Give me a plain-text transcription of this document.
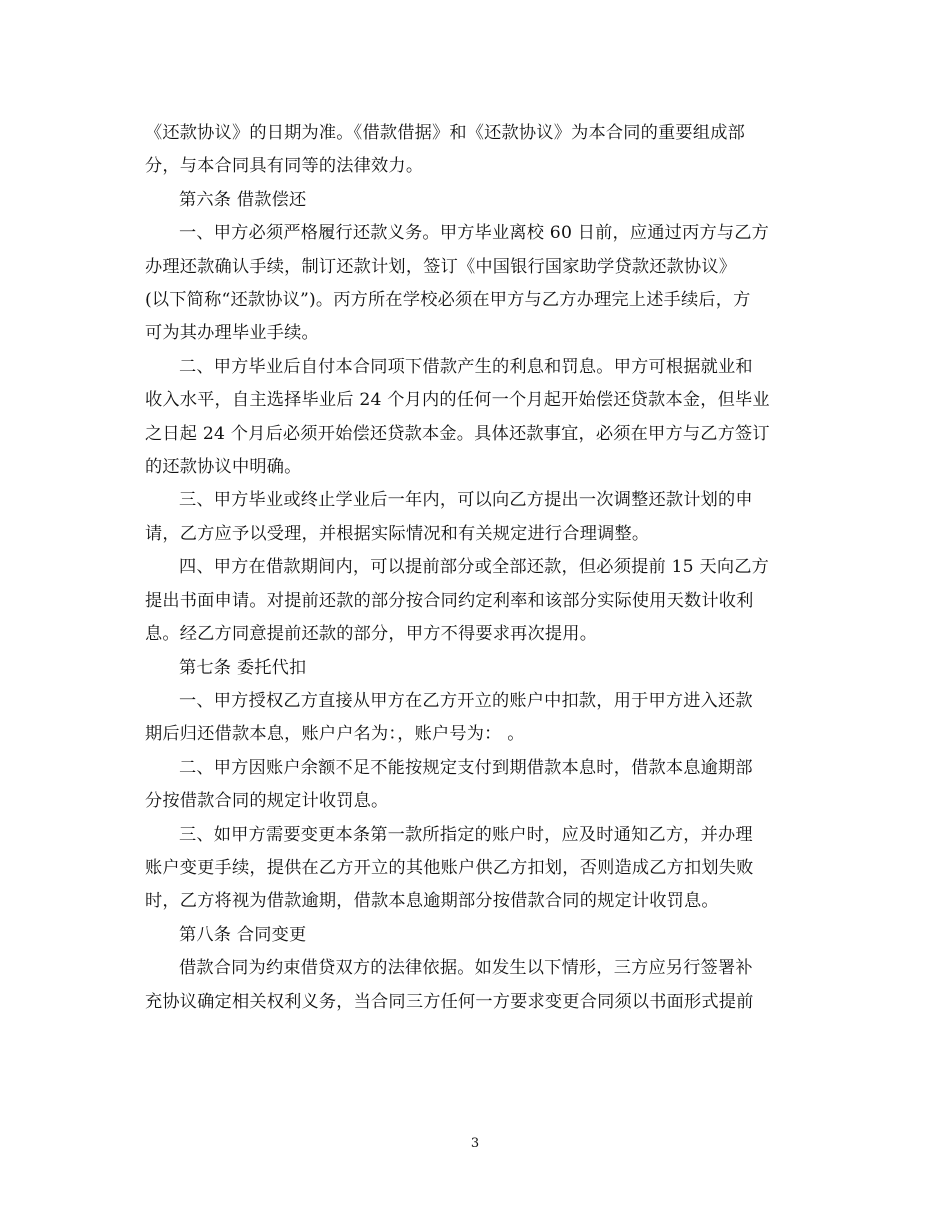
《还款协议》的日期为准。《借款借据》和《还款协议》为本合同的重要组成部
分，与本合同具有同等的法律效力。

第六条 借款偿还

一、甲方必须严格履行还款义务。甲方毕业离校 60 日前，应通过丙方与乙方
办理还款确认手续，制订还款计划，签订《中国银行国家助学贷款还款协议》
(以下简称“还款协议”)。丙方所在学校必须在甲方与乙方办理完上述手续后，方
可为其办理毕业手续。

二、甲方毕业后自付本合同项下借款产生的利息和罚息。甲方可根据就业和
收入水平，自主选择毕业后 24 个月内的任何一个月起开始偿还贷款本金，但毕业
之日起 24 个月后必须开始偿还贷款本金。具体还款事宜，必须在甲方与乙方签订
的还款协议中明确。

三、甲方毕业或终止学业后一年内，可以向乙方提出一次调整还款计划的申
请，乙方应予以受理，并根据实际情况和有关规定进行合理调整。

四、甲方在借款期间内，可以提前部分或全部还款，但必须提前 15 天向乙方
提出书面申请。对提前还款的部分按合同约定利率和该部分实际使用天数计收利
息。经乙方同意提前还款的部分，甲方不得要求再次提用。

第七条 委托代扣

一、甲方授权乙方直接从甲方在乙方开立的账户中扣款，用于甲方进入还款
期后归还借款本息，账户户名为：，账户号为： 。

二、甲方因账户余额不足不能按规定支付到期借款本息时，借款本息逾期部
分按借款合同的规定计收罚息。

三、如甲方需要变更本条第一款所指定的账户时，应及时通知乙方，并办理
账户变更手续，提供在乙方开立的其他账户供乙方扣划，否则造成乙方扣划失败
时，乙方将视为借款逾期，借款本息逾期部分按借款合同的规定计收罚息。

第八条 合同变更

借款合同为约束借贷双方的法律依据。如发生以下情形，三方应另行签署补
充协议确定相关权利义务，当合同三方任何一方要求变更合同须以书面形式提前

3
